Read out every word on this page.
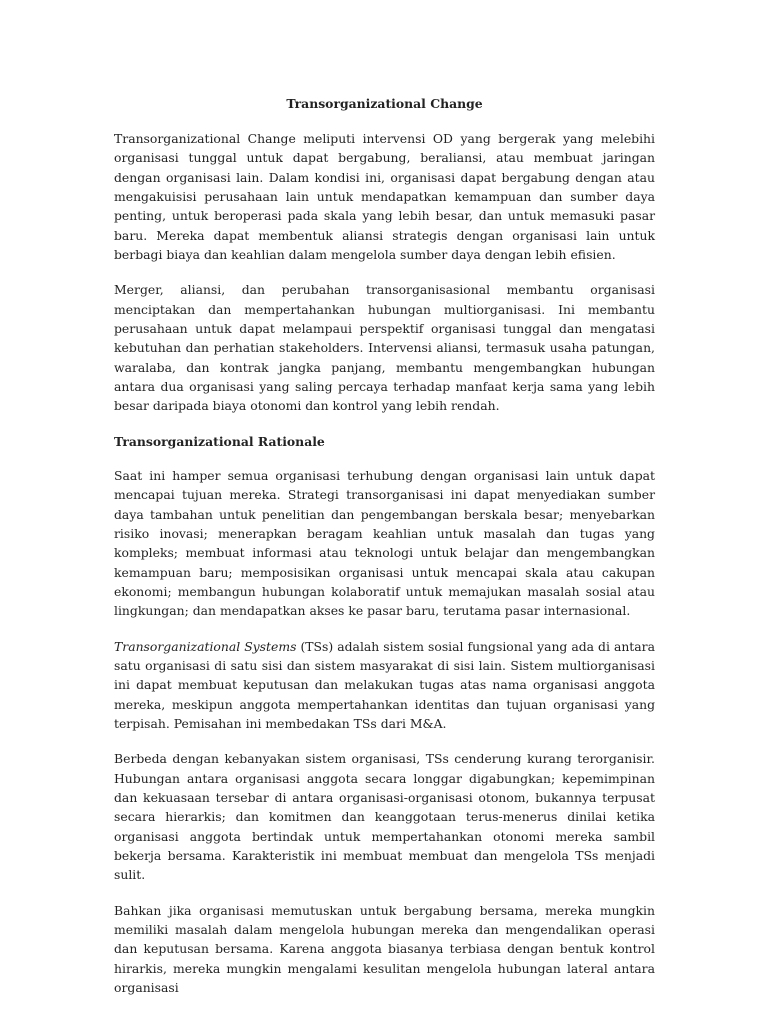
Transorganizational Change

Transorganizational Change meliputi intervensi OD yang bergerak yang melebihi organisasi tunggal untuk dapat bergabung, beraliansi, atau membuat jaringan dengan organisasi lain. Dalam kondisi ini, organisasi dapat bergabung dengan atau mengakuisisi perusahaan lain untuk mendapatkan kemampuan dan sumber daya penting, untuk beroperasi pada skala yang lebih besar, dan untuk memasuki pasar baru. Mereka dapat membentuk aliansi strategis dengan organisasi lain untuk berbagi biaya dan keahlian dalam mengelola sumber daya dengan lebih efisien.

Merger, aliansi, dan perubahan transorganisasional membantu organisasi menciptakan dan mempertahankan hubungan multiorganisasi. Ini membantu perusahaan untuk dapat melampaui perspektif organisasi tunggal dan mengatasi kebutuhan dan perhatian stakeholders. Intervensi aliansi, termasuk usaha patungan, waralaba, dan kontrak jangka panjang, membantu mengembangkan hubungan antara dua organisasi yang saling percaya terhadap manfaat kerja sama yang lebih besar daripada biaya otonomi dan kontrol yang lebih rendah.

Transorganizational Rationale

Saat ini hamper semua organisasi terhubung dengan organisasi lain untuk dapat mencapai tujuan mereka. Strategi transorganisasi ini dapat menyediakan sumber daya tambahan untuk penelitian dan pengembangan berskala besar; menyebarkan risiko inovasi; menerapkan beragam keahlian untuk masalah dan tugas yang kompleks; membuat informasi atau teknologi untuk belajar dan mengembangkan kemampuan baru; memposisikan organisasi untuk mencapai skala atau cakupan ekonomi; membangun hubungan kolaboratif untuk memajukan masalah sosial atau lingkungan; dan mendapatkan akses ke pasar baru, terutama pasar internasional.

Transorganizational Systems (TSs) adalah sistem sosial fungsional yang ada di antara satu organisasi di satu sisi dan sistem masyarakat di sisi lain. Sistem multiorganisasi ini dapat membuat keputusan dan melakukan tugas atas nama organisasi anggota mereka, meskipun anggota mempertahankan identitas dan tujuan organisasi yang terpisah. Pemisahan ini membedakan TSs dari M&A.

Berbeda dengan kebanyakan sistem organisasi, TSs cenderung kurang terorganisir. Hubungan antara organisasi anggota secara longgar digabungkan; kepemimpinan dan kekuasaan tersebar di antara organisasi-organisasi otonom, bukannya terpusat secara hierarkis; dan komitmen dan keanggotaan terus-menerus dinilai ketika organisasi anggota bertindak untuk mempertahankan otonomi mereka sambil bekerja bersama. Karakteristik ini membuat membuat dan mengelola TSs menjadi sulit.

Bahkan jika organisasi memutuskan untuk bergabung bersama, mereka mungkin memiliki masalah dalam mengelola hubungan mereka dan mengendalikan operasi dan keputusan bersama. Karena anggota biasanya terbiasa dengan bentuk kontrol hirarkis, mereka mungkin mengalami kesulitan mengelola hubungan lateral antara organisasi
